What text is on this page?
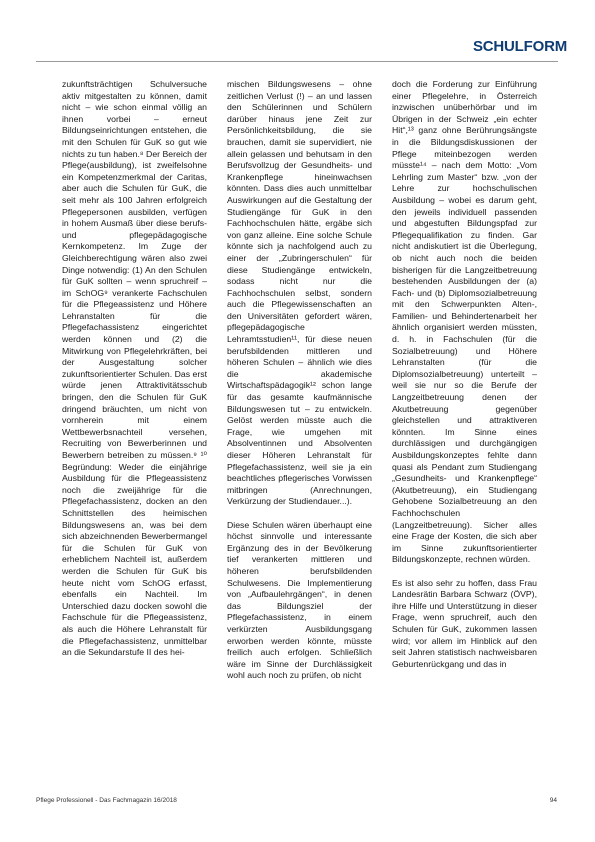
SCHULFORM

zukunftsträchtigen Schulversuche aktiv mitgestalten zu können, damit nicht – wie schon einmal völlig an ihnen vorbei – erneut Bildungseinrichtungen entstehen, die mit den Schulen für GuK so gut wie nichts zu tun haben.⁸ Der Bereich der Pflege(ausbildung), ist zweifelsohne ein Kompetenzmerkmal der Caritas, aber auch die Schulen für GuK, die seit mehr als 100 Jahren erfolgreich Pflegepersonen ausbilden, verfügen in hohem Ausmaß über diese berufs- und pflegepädagogische Kernkompetenz. Im Zuge der Gleichberechtigung wären also zwei Dinge notwendig: (1) An den Schulen für GuK sollten – wenn spruchreif – im SchOG⁹ verankerte Fachschulen für die Pflegeassistenz und Höhere Lehranstalten für die Pflegefachassistenz eingerichtet werden können und (2) die Mitwirkung von Pflegelehrkräften, bei der Ausgestaltung solcher zukunftsorientierter Schulen. Das erst würde jenen Attraktivitätsschub bringen, den die Schulen für GuK dringend bräuchten, um nicht von vornherein mit einem Wettbewerbsnachteil versehen, Recruiting von Bewerberinnen und Bewerbern betreiben zu müssen.⁹ ¹⁰ Begründung: Weder die einjährige Ausbildung für die Pflegeassistenz noch die zweijährige für die Pflegefachassistenz, docken an den Schnittstellen des heimischen Bildungswesens an, was bei dem sich abzeichnenden Bewerbermangel für die Schulen für GuK von erheblichem Nachteil ist, außerdem werden die Schulen für GuK bis heute nicht vom SchOG erfasst, ebenfalls ein Nachteil. Im Unterschied dazu docken sowohl die Fachschule für die Pflegeassistenz, als auch die Höhere Lehranstalt für die Pflegefachassistenz, unmittelbar an die Sekundarstufe II des hei-

mischen Bildungswesens – ohne zeitlichen Verlust (!) – an und lassen den Schülerinnen und Schülern darüber hinaus jene Zeit zur Persönlichkeitsbildung, die sie brauchen, damit sie supervidiert, nie allein gelassen und behutsam in den Berufsvollzug der Gesundheits- und Krankenpflege hineinwachsen könnten. Dass dies auch unmittelbar Auswirkungen auf die Gestaltung der Studiengänge für GuK in den Fachhochschulen hätte, ergäbe sich von ganz alleine. Eine solche Schule könnte sich ja nachfolgend auch zu einer der „Zubringerschulen“ für diese Studiengänge entwickeln, sodass nicht nur die Fachhochschulen selbst, sondern auch die Pflegewissenschaften an den Universitäten gefordert wären, pflegepädagogische Lehramtsstudien¹¹, für diese neuen berufsbildenden mittleren und höheren Schulen – ähnlich wie dies die akademische Wirtschaftspädagogik¹² schon lange für das gesamte kaufmännische Bildungswesen tut – zu entwickeln. Gelöst werden müsste auch die Frage, wie umgehen mit Absolventinnen und Absolventen dieser Höheren Lehranstalt für Pflegefachassistenz, weil sie ja ein beachtliches pflegerisches Vorwissen mitbringen (Anrechnungen, Verkürzung der Studiendauer...).

Diese Schulen wären überhaupt eine höchst sinnvolle und interessante Ergänzung des in der Bevölkerung tief verankerten mittleren und höheren berufsbildenden Schulwesens. Die Implementierung von „Aufbaulehrgängen“, in denen das Bildungsziel der Pflegefachassistenz, in einem verkürzten Ausbildungsgang erworben werden könnte, müsste freilich auch erfolgen. Schließlich wäre im Sinne der Durchlässigkeit wohl auch noch zu prüfen, ob nicht

doch die Forderung zur Einführung einer Pflegelehre, in Österreich inzwischen unüberhörbar und im Übrigen in der Schweiz „ein echter Hit“,¹³ ganz ohne Berührungsängste in die Bildungsdiskussionen der Pflege miteinbezogen werden müsste¹⁴ – nach dem Motto: „Vom Lehrling zum Master“ bzw. „von der Lehre zur hochschulischen Ausbildung – wobei es darum geht, den jeweils individuell passenden und abgestuften Bildungspfad zur Pflegequalifikation zu finden. Gar nicht andiskutiert ist die Überlegung, ob nicht auch noch die beiden bisherigen für die Langzeitbetreuung bestehenden Ausbildungen der (a) Fach- und (b) Diplomsozialbetreuung mit den Schwerpunkten Alten-, Familien- und Behindertenarbeit her ähnlich organisiert werden müssten, d. h. in Fachschulen (für die Sozialbetreuung) und Höhere Lehranstalten (für die Diplomsozialbetreuung) unterteilt – weil sie nur so die Berufe der Langzeitbetreuung denen der Akutbetreuung gegenüber gleichstellen und attraktiveren könnten. Im Sinne eines durchlässigen und durchgängigen Ausbildungskonzeptes fehlte dann quasi als Pendant zum Studiengang „Gesundheits- und Krankenpflege“ (Akutbetreuung), ein Studiengang Gehobene Sozialbetreuung an den Fachhochschulen (Langzeitbetreuung). Sicher alles eine Frage der Kosten, die sich aber im Sinne zukunftsorientierter Bildungskonzepte, rechnen würden.

Es ist also sehr zu hoffen, dass Frau Landesrätin Barbara Schwarz (ÖVP), ihre Hilfe und Unterstützung in dieser Frage, wenn spruchreif, auch den Schulen für GuK, zukommen lassen wird; vor allem im Hinblick auf den seit Jahren statistisch nachweisbaren Geburtenrückgang und das in

Pflege Professionell - Das Fachmagazin 16/2018	94
